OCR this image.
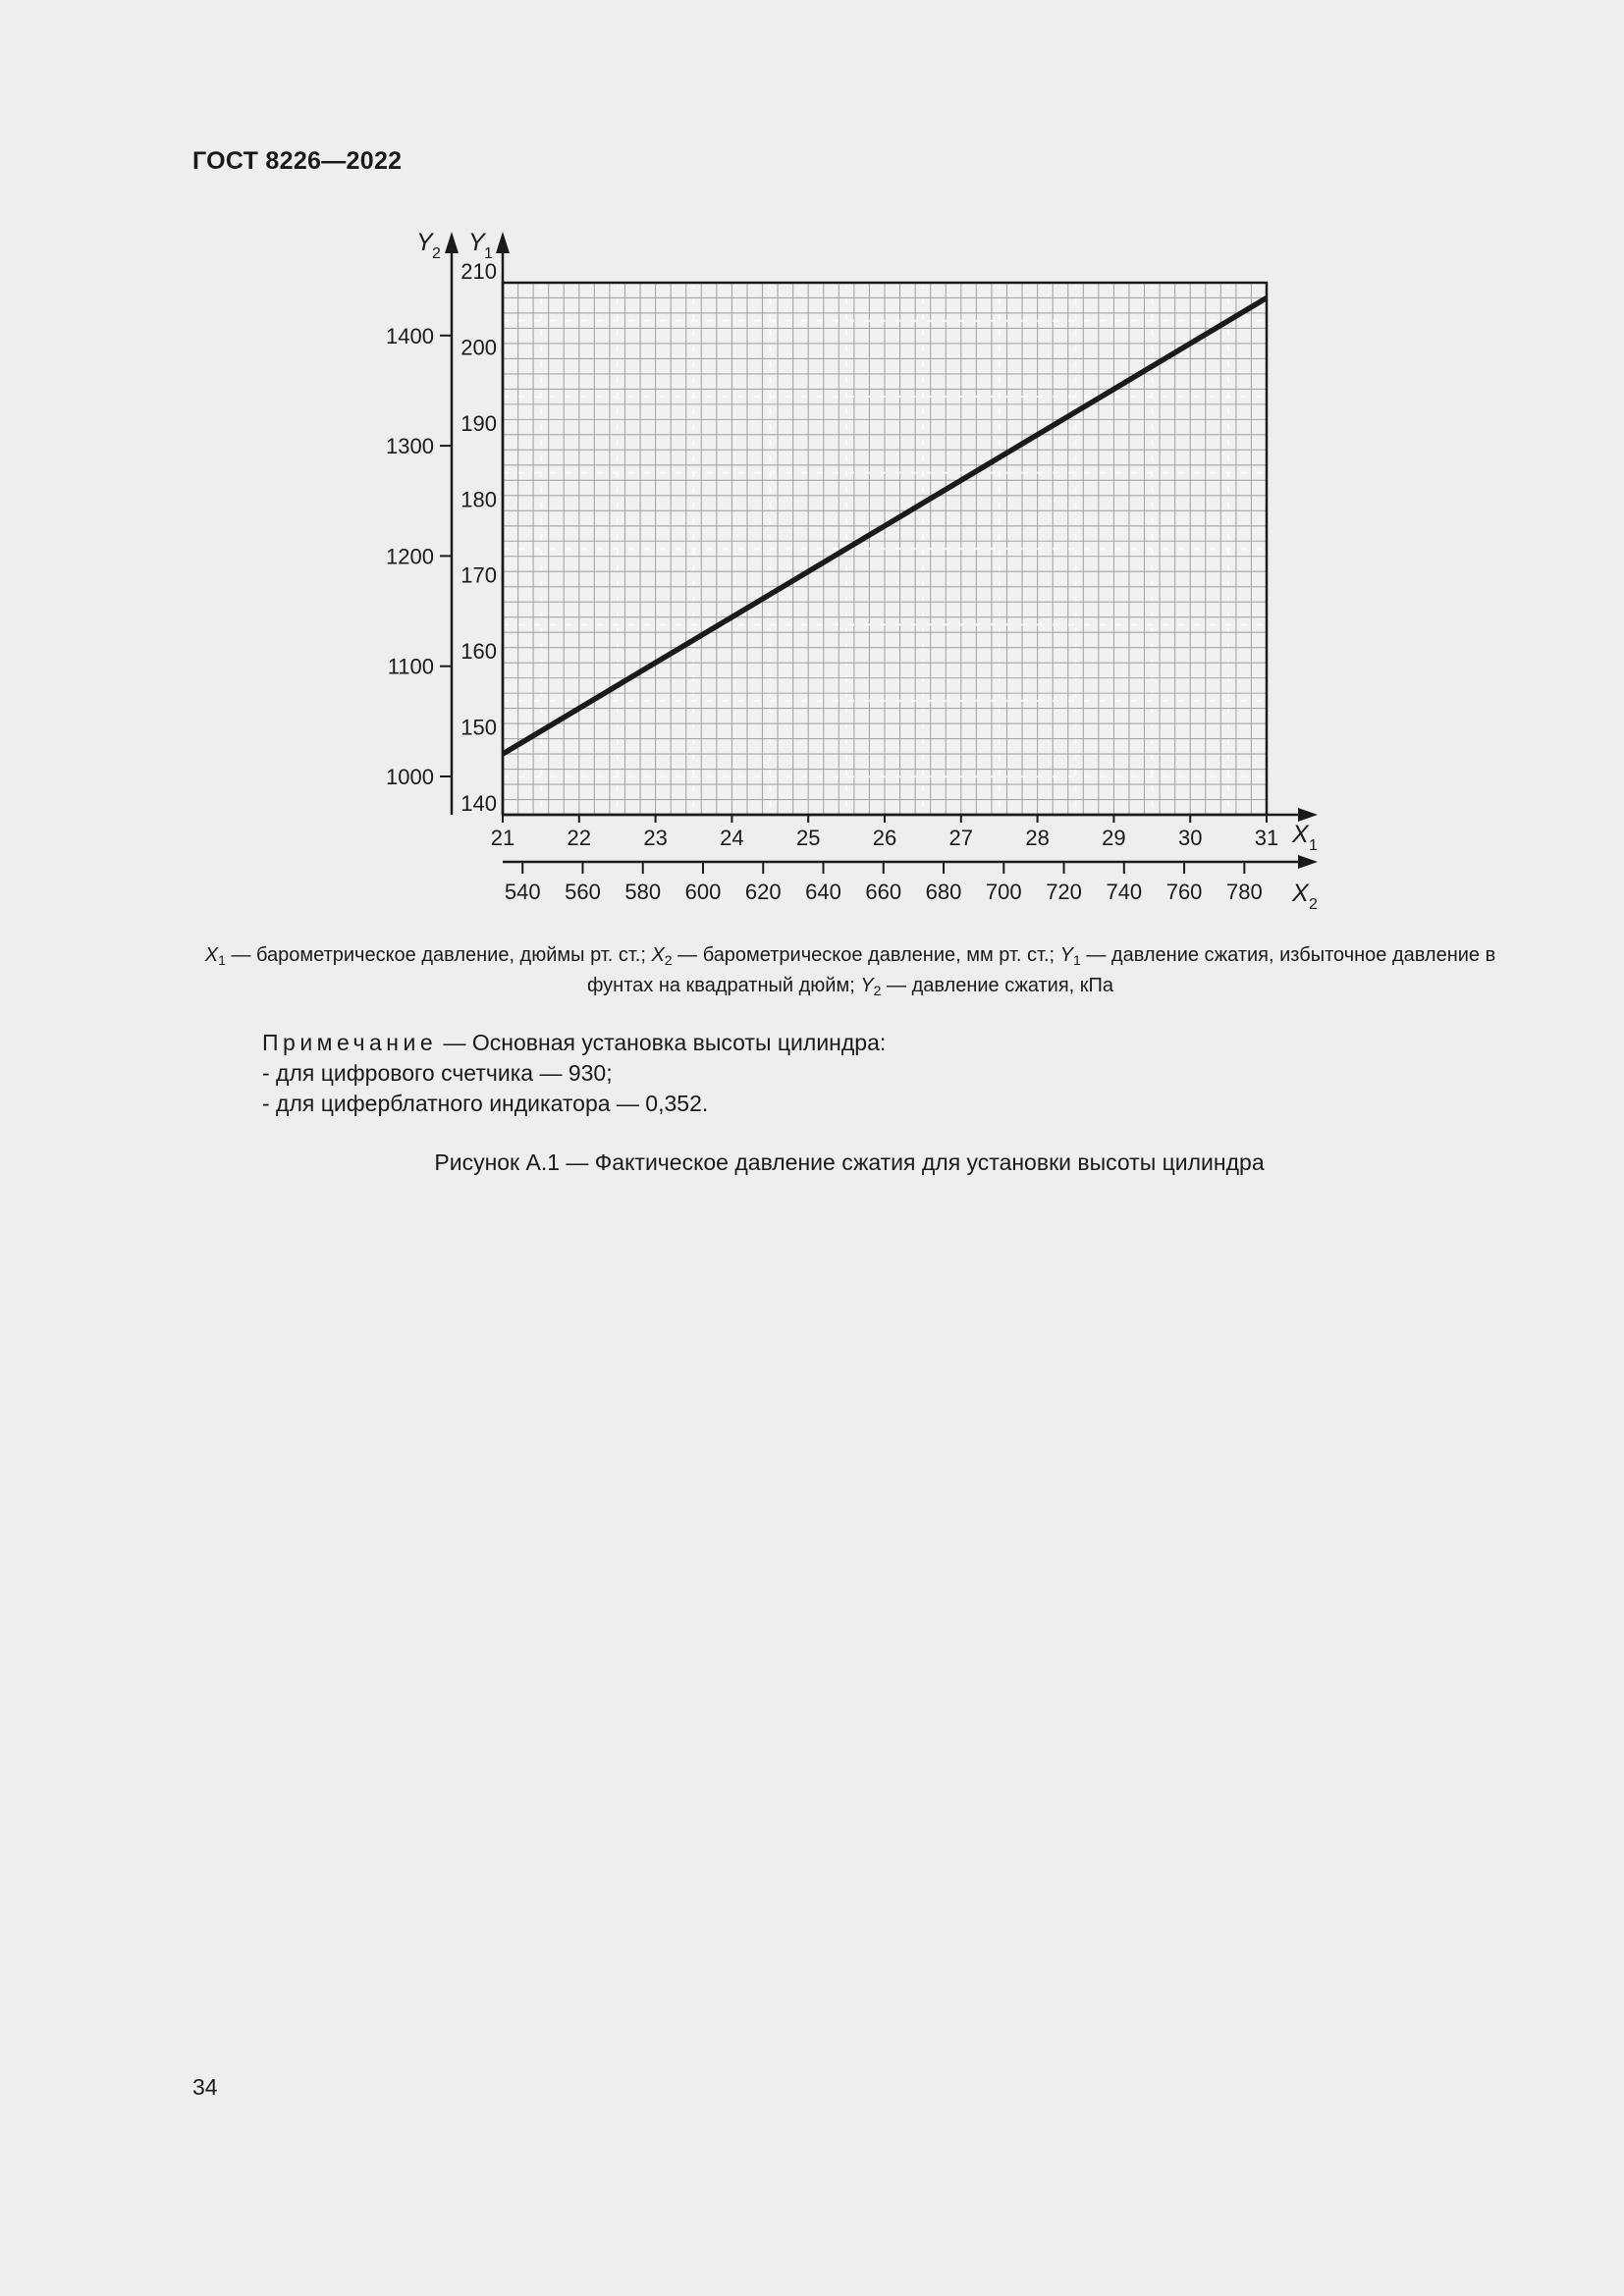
ГОСТ 8226—2022
21 22 23 24 25 26 27 28 29 30 31 X 1
540 560 580 600 620 640 660 680 700 720 740 760 780 X 2
140
150
160
170
180
190
200
210
Y 1
1000
1100
1200
1300
1400
Y 2
$X_1$ — барометрическое давление, дюймы рт. ст.; $X_2$ — барометрическое давление, мм рт. ст.; $Y_1$ — давление сжатия, избыточное давление в фунтах на квадратный дюйм; $Y_2$ — давление сжатия, кПа
Примечание — Основная установка высоты цилиндра:
- для цифрового счетчика — 930;
- для циферблатного индикатора — 0,352.
Рисунок А.1 — Фактическое давление сжатия для установки высоты цилиндра
34
